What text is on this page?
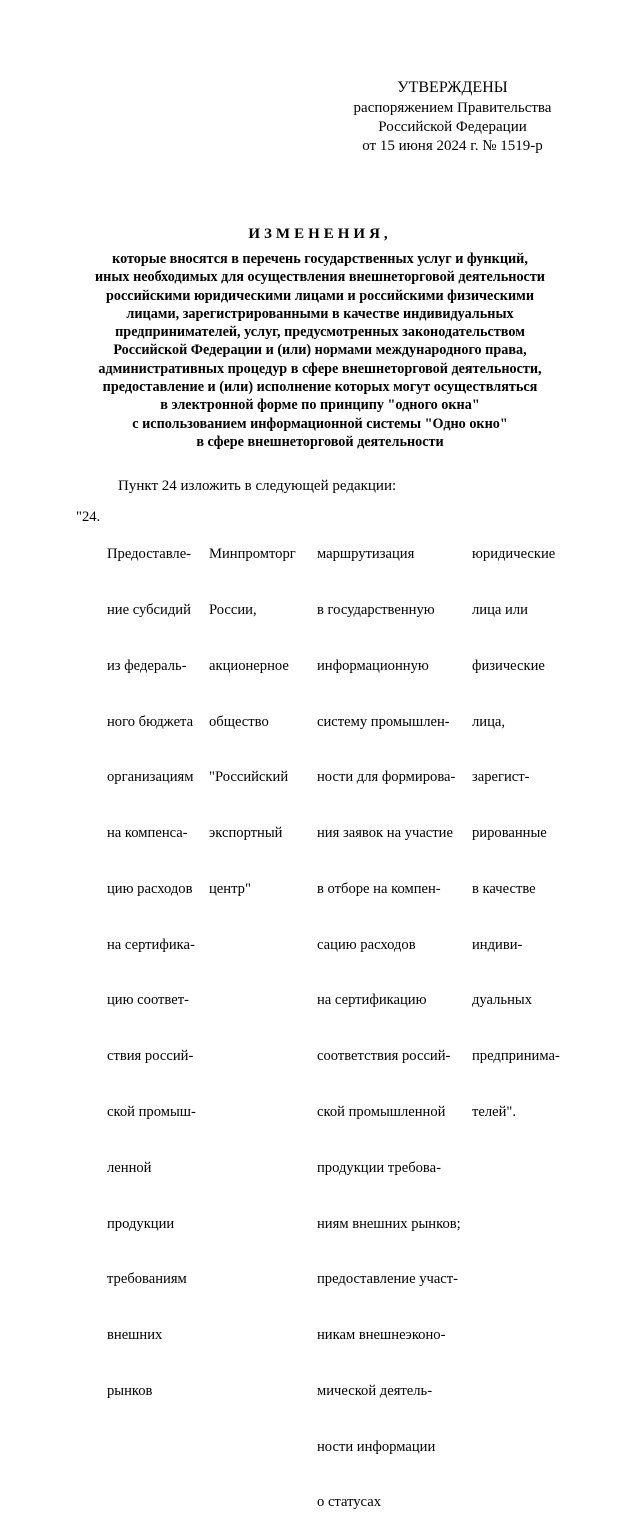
УТВЕРЖДЕНЫ
распоряжением Правительства
Российской Федерации
от 15 июня 2024 г. № 1519-р
ИЗМЕНЕНИЯ,
которые вносятся в перечень государственных услуг и функций,
иных необходимых для осуществления внешнеторговой деятельности
российскими юридическими лицами и российскими физическими
лицами, зарегистрированными в качестве индивидуальных
предпринимателей, услуг, предусмотренных законодательством
Российской Федерации и (или) нормами международного права,
административных процедур в сфере внешнеторговой деятельности,
предоставление и (или) исполнение которых могут осуществляться
в электронной форме по принципу "одного окна"
с использованием информационной системы "Одно окно"
в сфере внешнеторговой деятельности
Пункт 24 изложить в следующей редакции:
"24.

Предоставле-

ние субсидий

из федераль-

ного бюджета

организациям

на компенса-

цию расходов

на сертифика-

цию соответ-

ствия россий-

ской промыш-

ленной

продукции

требованиям

внешних

рынков

Минпромторг

России,

акционерное

общество

"Российский

экспортный

центр"

маршрутизация

в государственную

информационную

систему промышлен-

ности для формирова-

ния заявок на участие

в отборе на компен-

сацию расходов

на сертификацию

соответствия россий-

ской промышленной

продукции требова-

ниям внешних рынков;

предоставление участ-

никам внешнеэконо-

мической деятель-

ности информации

о статусах

юридические

лица или

физические

лица,

зарегист-

рированные

в качестве

индиви-

дуальных

предпринима-

телей".
